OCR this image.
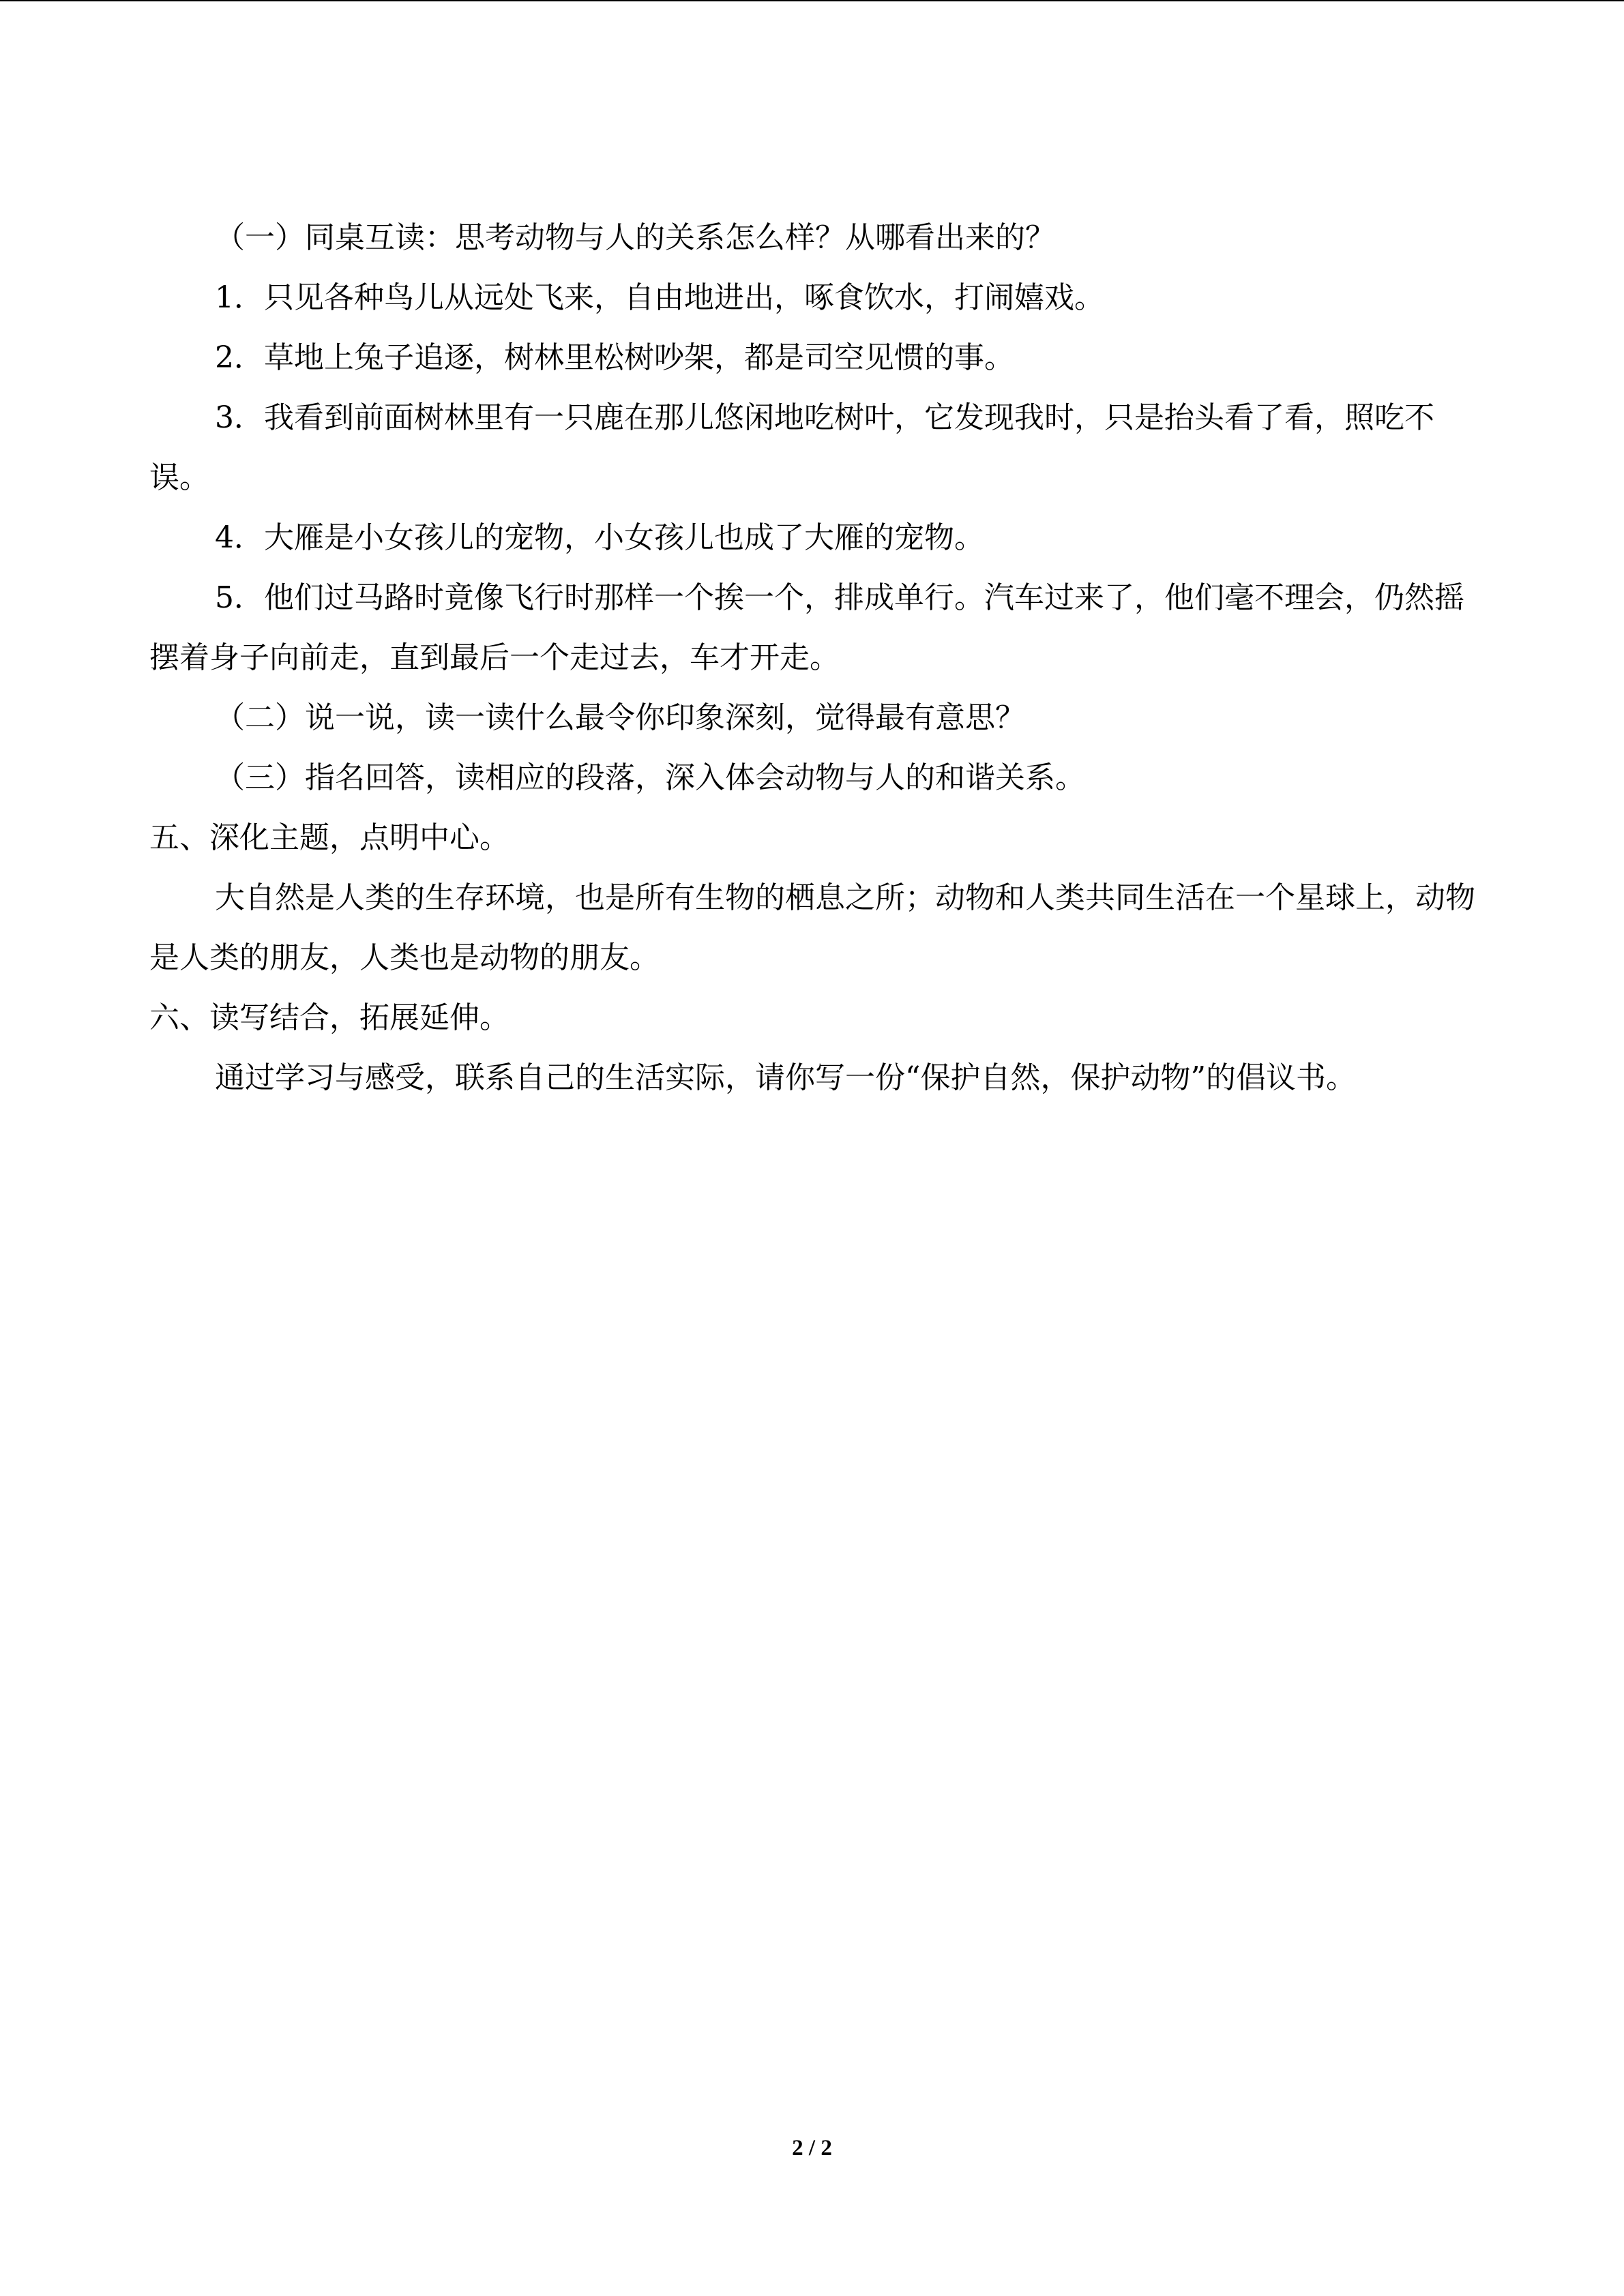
（一）同桌互读：思考动物与人的关系怎么样？从哪看出来的？

1．只见各种鸟儿从远处飞来，自由地进出，啄食饮水，打闹嬉戏。

2．草地上兔子追逐，树林里松树吵架，都是司空见惯的事。

3．我看到前面树林里有一只鹿在那儿悠闲地吃树叶，它发现我时，只是抬头看了看，照吃不误。

4．大雁是小女孩儿的宠物，小女孩儿也成了大雁的宠物。

5．他们过马路时竟像飞行时那样一个挨一个，排成单行。汽车过来了，他们毫不理会，仍然摇摆着身子向前走，直到最后一个走过去，车才开走。

（二）说一说，读一读什么最令你印象深刻，觉得最有意思？

（三）指名回答，读相应的段落，深入体会动物与人的和谐关系。

五、深化主题，点明中心。

大自然是人类的生存环境，也是所有生物的栖息之所；动物和人类共同生活在一个星球上，动物是人类的朋友，人类也是动物的朋友。

六、读写结合，拓展延伸。

通过学习与感受，联系自己的生活实际，请你写一份“保护自然，保护动物”的倡议书。

2 / 2
